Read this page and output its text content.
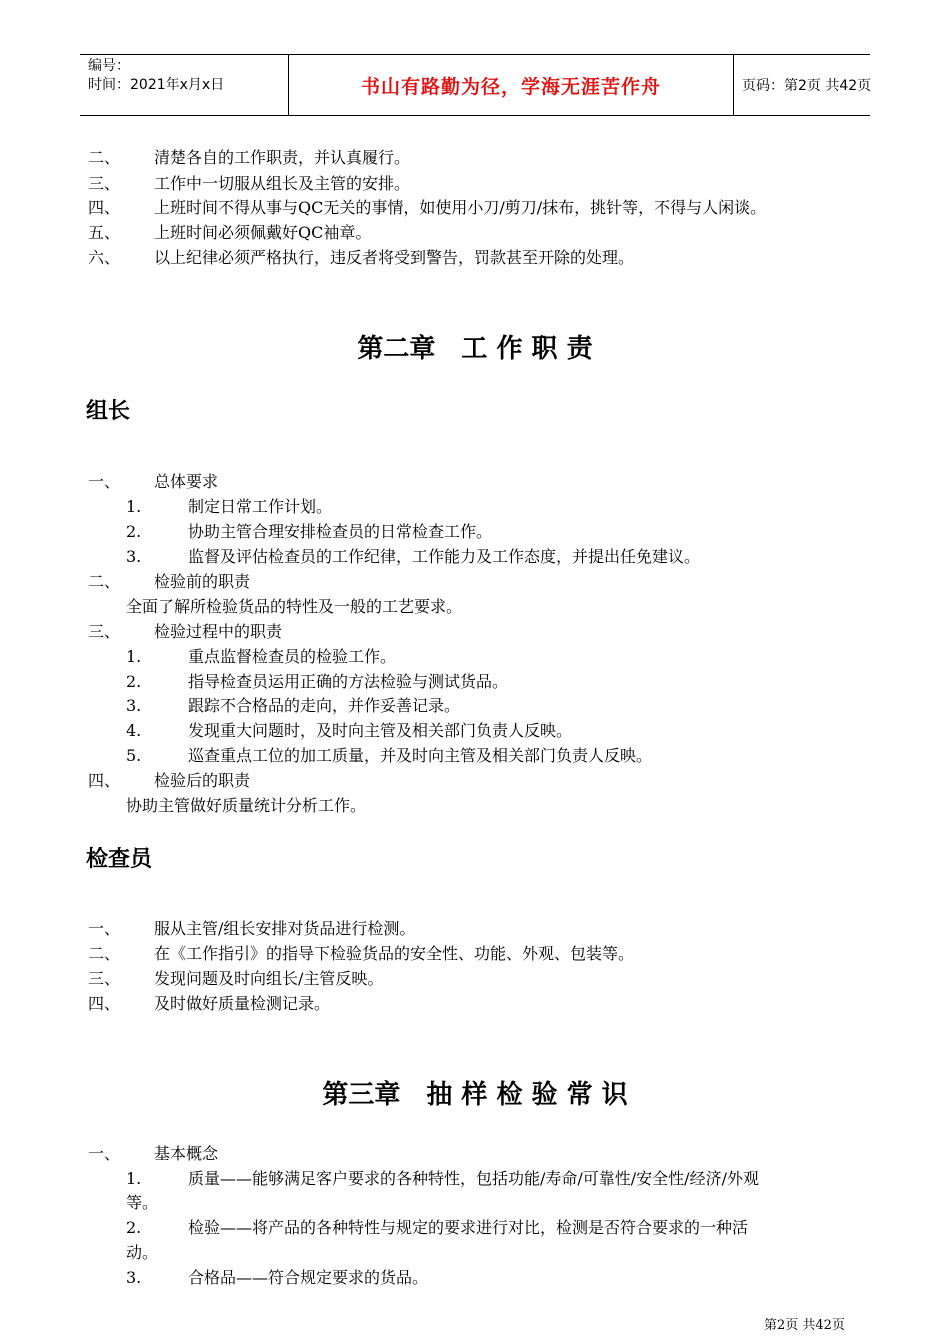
编号：
时间：2021年x月x日	书山有路勤为径，学海无涯苦作舟	页码：第2页 共42页
二、 清楚各自的工作职责，并认真履行。
三、 工作中一切服从组长及主管的安排。
四、 上班时间不得从事与QC无关的事情，如使用小刀/剪刀/抹布，挑针等，不得与人闲谈。
五、 上班时间必须佩戴好QC袖章。
六、 以上纪律必须严格执行，违反者将受到警告，罚款甚至开除的处理。
第二章　工 作 职 责
组长
一、 总体要求
1.	制定日常工作计划。
2.	协助主管合理安排检查员的日常检查工作。
3.	监督及评估检查员的工作纪律，工作能力及工作态度，并提出任免建议。
二、 检验前的职责
全面了解所检验货品的特性及一般的工艺要求。
三、 检验过程中的职责
1.	重点监督检查员的检验工作。
2.	指导检查员运用正确的方法检验与测试货品。
3.	跟踪不合格品的走向，并作妥善记录。
4.	发现重大问题时，及时向主管及相关部门负责人反映。
5.	巡查重点工位的加工质量，并及时向主管及相关部门负责人反映。
四、 检验后的职责
协助主管做好质量统计分析工作。
检查员
一、 服从主管/组长安排对货品进行检测。
二、 在《工作指引》的指导下检验货品的安全性、功能、外观、包装等。
三、 发现问题及时向组长/主管反映。
四、 及时做好质量检测记录。
第三章　抽 样 检 验 常 识
一、 基本概念
1.	质量——能够满足客户要求的各种特性，包括功能/寿命/可靠性/安全性/经济/外观
等。
2.	检验——将产品的各种特性与规定的要求进行对比，检测是否符合要求的一种活
动。
3.	合格品——符合规定要求的货品。
第2页 共42页
